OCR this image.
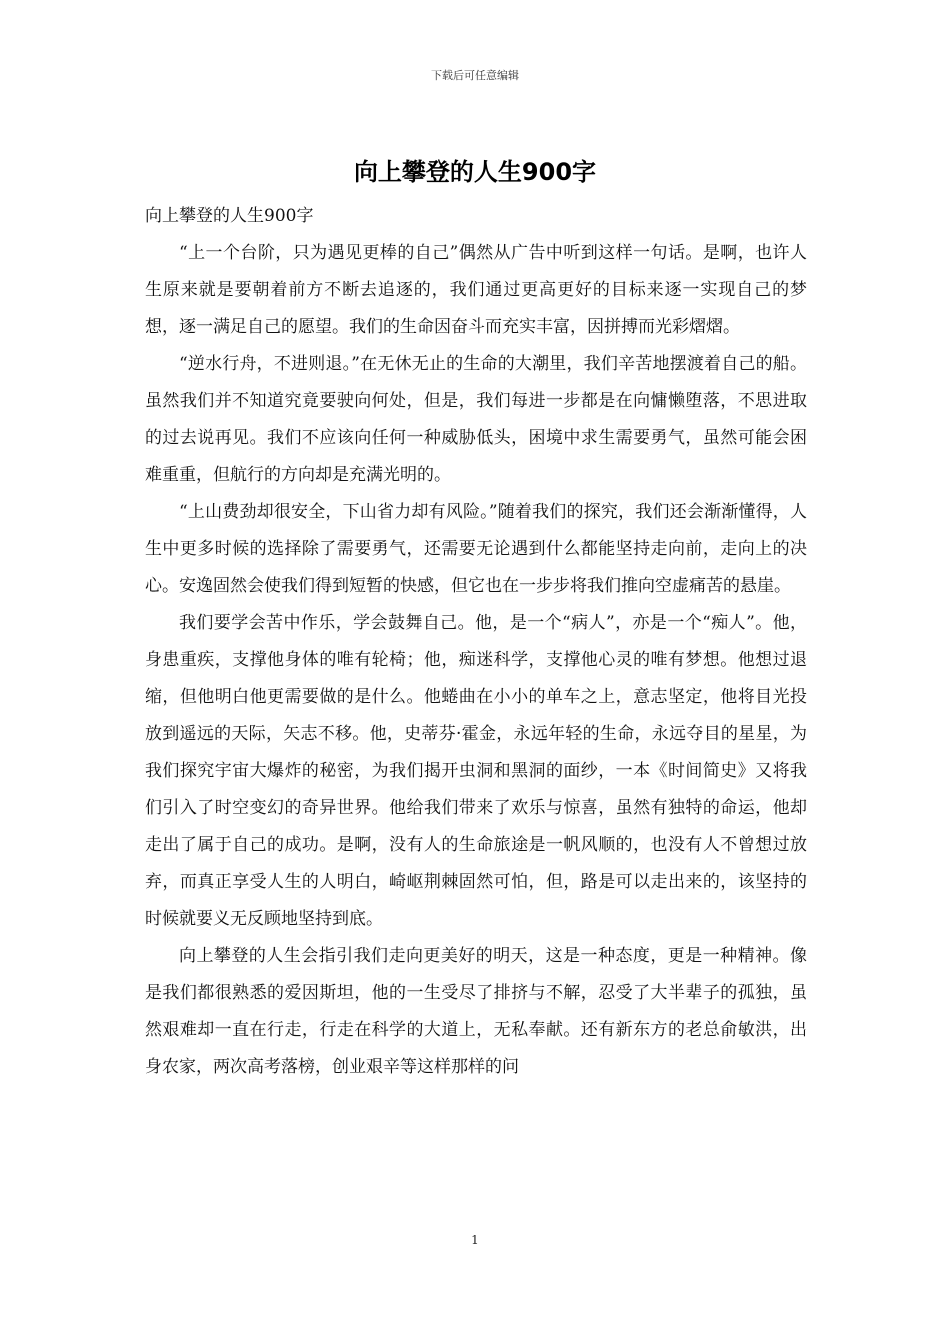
下载后可任意编辑
向上攀登的人生900字

向上攀登的人生900字

“上一个台阶，只为遇见更棒的自己”偶然从广告中听到这样一句话。是啊，也许人生原来就是要朝着前方不断去追逐的，我们通过更高更好的目标来逐一实现自己的梦想，逐一满足自己的愿望。我们的生命因奋斗而充实丰富，因拼搏而光彩熠熠。

“逆水行舟，不进则退。”在无休无止的生命的大潮里，我们辛苦地摆渡着自己的船。虽然我们并不知道究竟要驶向何处，但是，我们每进一步都是在向慵懒堕落，不思进取的过去说再见。我们不应该向任何一种威胁低头，困境中求生需要勇气，虽然可能会困难重重，但航行的方向却是充满光明的。

“上山费劲却很安全，下山省力却有风险。”随着我们的探究，我们还会渐渐懂得，人生中更多时候的选择除了需要勇气，还需要无论遇到什么都能坚持走向前，走向上的决心。安逸固然会使我们得到短暂的快感，但它也在一步步将我们推向空虚痛苦的悬崖。

我们要学会苦中作乐，学会鼓舞自己。他，是一个“病人”，亦是一个“痴人”。他，身患重疾，支撑他身体的唯有轮椅；他，痴迷科学，支撑他心灵的唯有梦想。他想过退缩，但他明白他更需要做的是什么。他蜷曲在小小的单车之上，意志坚定，他将目光投放到遥远的天际，矢志不移。他，史蒂芬·霍金，永远年轻的生命，永远夺目的星星，为我们探究宇宙大爆炸的秘密，为我们揭开虫洞和黑洞的面纱，一本《时间简史》又将我们引入了时空变幻的奇异世界。他给我们带来了欢乐与惊喜，虽然有独特的命运，他却走出了属于自己的成功。是啊，没有人的生命旅途是一帆风顺的，也没有人不曾想过放弃，而真正享受人生的人明白，崎岖荆棘固然可怕，但，路是可以走出来的，该坚持的时候就要义无反顾地坚持到底。

向上攀登的人生会指引我们走向更美好的明天，这是一种态度，更是一种精神。像是我们都很熟悉的爱因斯坦，他的一生受尽了排挤与不解，忍受了大半辈子的孤独，虽然艰难却一直在行走，行走在科学的大道上，无私奉献。还有新东方的老总俞敏洪，出身农家，两次高考落榜，创业艰辛等这样那样的问

1
